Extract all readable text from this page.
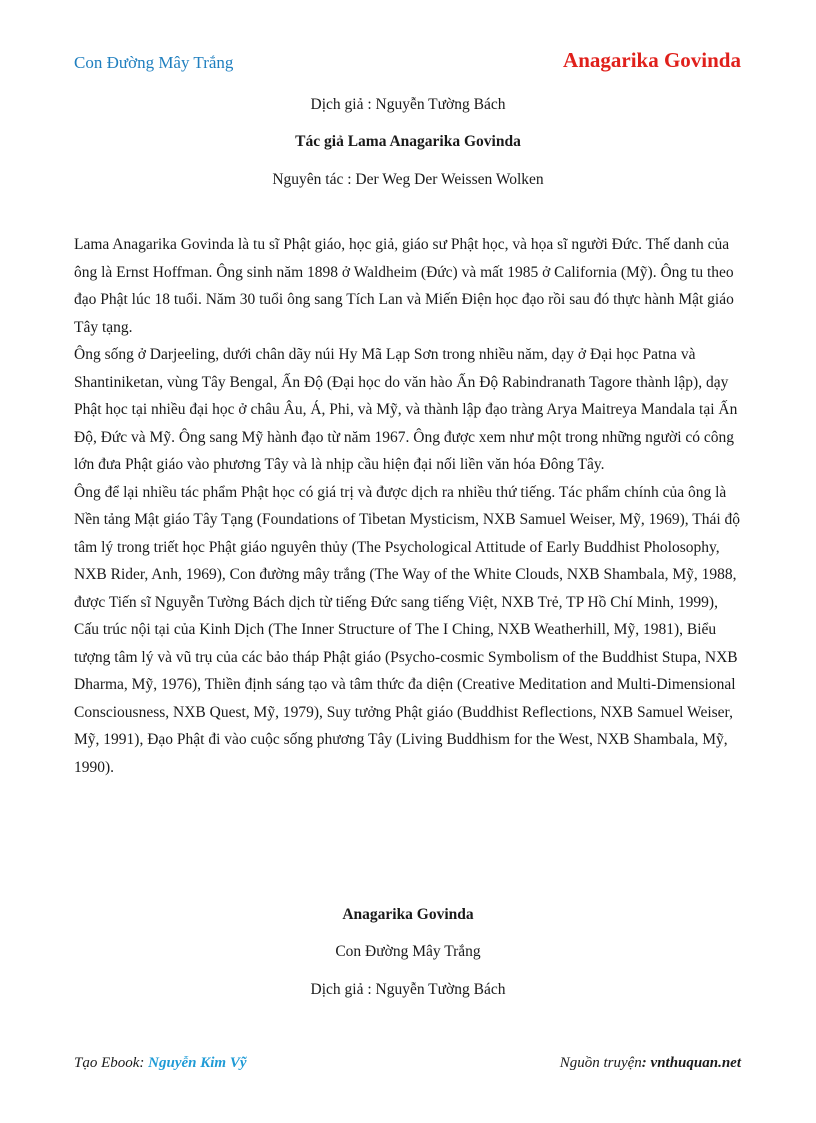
Con Đường Mây Trắng	Anagarika Govinda
Dịch giả : Nguyễn Tường Bách
Tác giả Lama Anagarika Govinda
Nguyên tác : Der Weg Der Weissen Wolken

Lama Anagarika Govinda là tu sĩ Phật giáo, học giả, giáo sư Phật học, và họa sĩ người Đức. Thế danh của ông là Ernst Hoffman. Ông sinh năm 1898 ở Waldheim (Đức) và mất 1985 ở California (Mỹ). Ông tu theo đạo Phật lúc 18 tuổi. Năm 30 tuổi ông sang Tích Lan và Miến Điện học đạo rồi sau đó thực hành Mật giáo Tây tạng.

Ông sống ở Darjeeling, dưới chân dãy núi Hy Mã Lạp Sơn trong nhiều năm, dạy ở Đại học Patna và Shantiniketan, vùng Tây Bengal, Ấn Độ (Đại học do văn hào Ấn Độ Rabindranath Tagore thành lập), dạy Phật học tại nhiều đại học ở châu Âu, Á, Phi, và Mỹ, và thành lập đạo tràng Arya Maitreya Mandala tại Ấn Độ, Đức và Mỹ. Ông sang Mỹ hành đạo từ năm 1967. Ông được xem như một trong những người có công lớn đưa Phật giáo vào phương Tây và là nhịp cầu hiện đại nối liền văn hóa Đông Tây.

Ông để lại nhiều tác phẩm Phật học có giá trị và được dịch ra nhiều thứ tiếng. Tác phẩm chính của ông là Nền tảng Mật giáo Tây Tạng (Foundations of Tibetan Mysticism, NXB Samuel Weiser, Mỹ, 1969), Thái độ tâm lý trong triết học Phật giáo nguyên thủy (The Psychological Attitude of Early Buddhist Pholosophy, NXB Rider, Anh, 1969), Con đường mây trắng (The Way of the White Clouds, NXB Shambala, Mỹ, 1988, được Tiến sĩ Nguyễn Tường Bách dịch từ tiếng Đức sang tiếng Việt, NXB Trẻ, TP Hồ Chí Minh, 1999), Cấu trúc nội tại của Kinh Dịch (The Inner Structure of The I Ching, NXB Weatherhill, Mỹ, 1981), Biểu tượng tâm lý và vũ trụ của các bảo tháp Phật giáo (Psycho-cosmic Symbolism of the Buddhist Stupa, NXB Dharma, Mỹ, 1976), Thiền định sáng tạo và tâm thức đa diện (Creative Meditation and Multi-Dimensional Consciousness, NXB Quest, Mỹ, 1979), Suy tưởng Phật giáo (Buddhist Reflections, NXB Samuel Weiser, Mỹ, 1991), Đạo Phật đi vào cuộc sống phương Tây (Living Buddhism for the West, NXB Shambala, Mỹ, 1990).

Anagarika Govinda
Con Đường Mây Trắng
Dịch giả : Nguyễn Tường Bách
Tạo Ebook: Nguyễn Kim Vỹ	Nguồn truyện: vnthuquan.net
